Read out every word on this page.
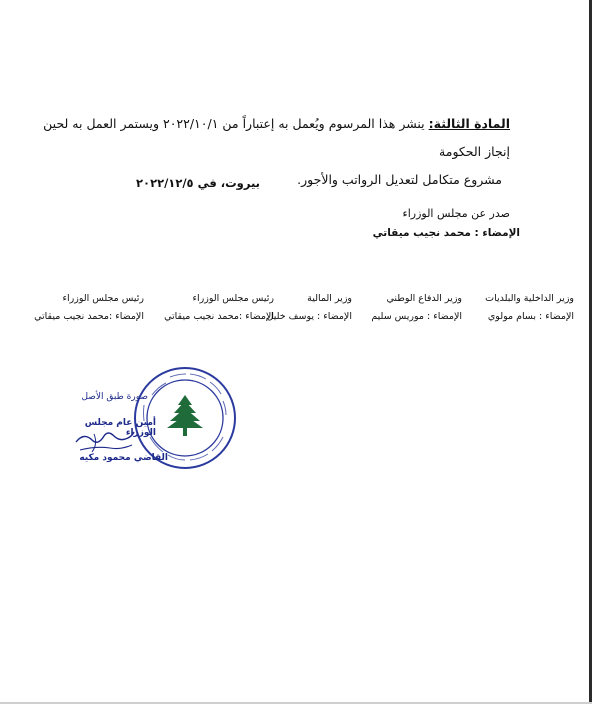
المادة الثالثة: ينشر هذا المرسوم ويُعمل به إعتباراً من ٢٠٢٢/١٠/١ ويستمر العمل به لحين إنجاز الحكومة
مشروع متكامل لتعديل الرواتب والأجور.
بيروت، في ٢٠٢٢/١٢/٥
صدر عن مجلس الوزراء
الإمضاء : محمد نجيب ميقاتي
وزير الداخلية والبلديات
الإمضاء : بسام مولوي
وزير الدفاع الوطني
الإمضاء : موريس سليم
وزير المالية
الإمضاء : يوسف خليل
رئيس مجلس الوزراء
الإمضاء :محمد نجيب ميقاتي
رئيس مجلس الوزراء
الإمضاء :محمد نجيب ميقاتي
صورة طبق الأصل
أمين عام مجلس الوزراء
القاضي محمود مكيه
